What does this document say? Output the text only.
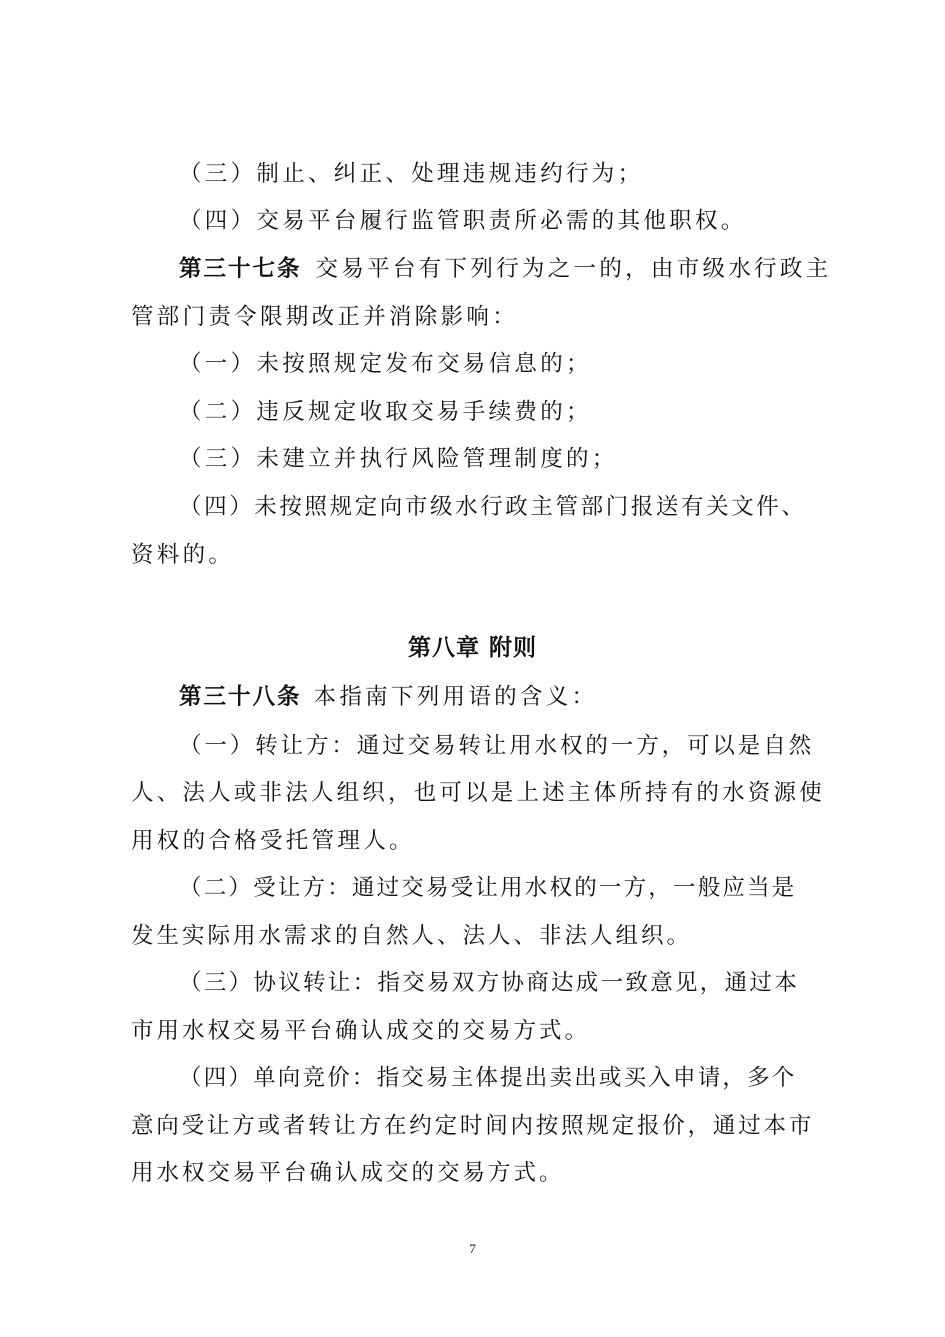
（三）制止、纠正、处理违规违约行为；
（四）交易平台履行监管职责所必需的其他职权。
第三十七条 交易平台有下列行为之一的，由市级水行政主
管部门责令限期改正并消除影响：
（一）未按照规定发布交易信息的；
（二）违反规定收取交易手续费的；
（三）未建立并执行风险管理制度的；
（四）未按照规定向市级水行政主管部门报送有关文件、
资料的。
第八章 附则
第三十八条 本指南下列用语的含义：
（一）转让方：通过交易转让用水权的一方，可以是自然
人、法人或非法人组织，也可以是上述主体所持有的水资源使
用权的合格受托管理人。
（二）受让方：通过交易受让用水权的一方，一般应当是
发生实际用水需求的自然人、法人、非法人组织。
（三）协议转让：指交易双方协商达成一致意见，通过本
市用水权交易平台确认成交的交易方式。
（四）单向竞价：指交易主体提出卖出或买入申请，多个
意向受让方或者转让方在约定时间内按照规定报价，通过本市
用水权交易平台确认成交的交易方式。
7
